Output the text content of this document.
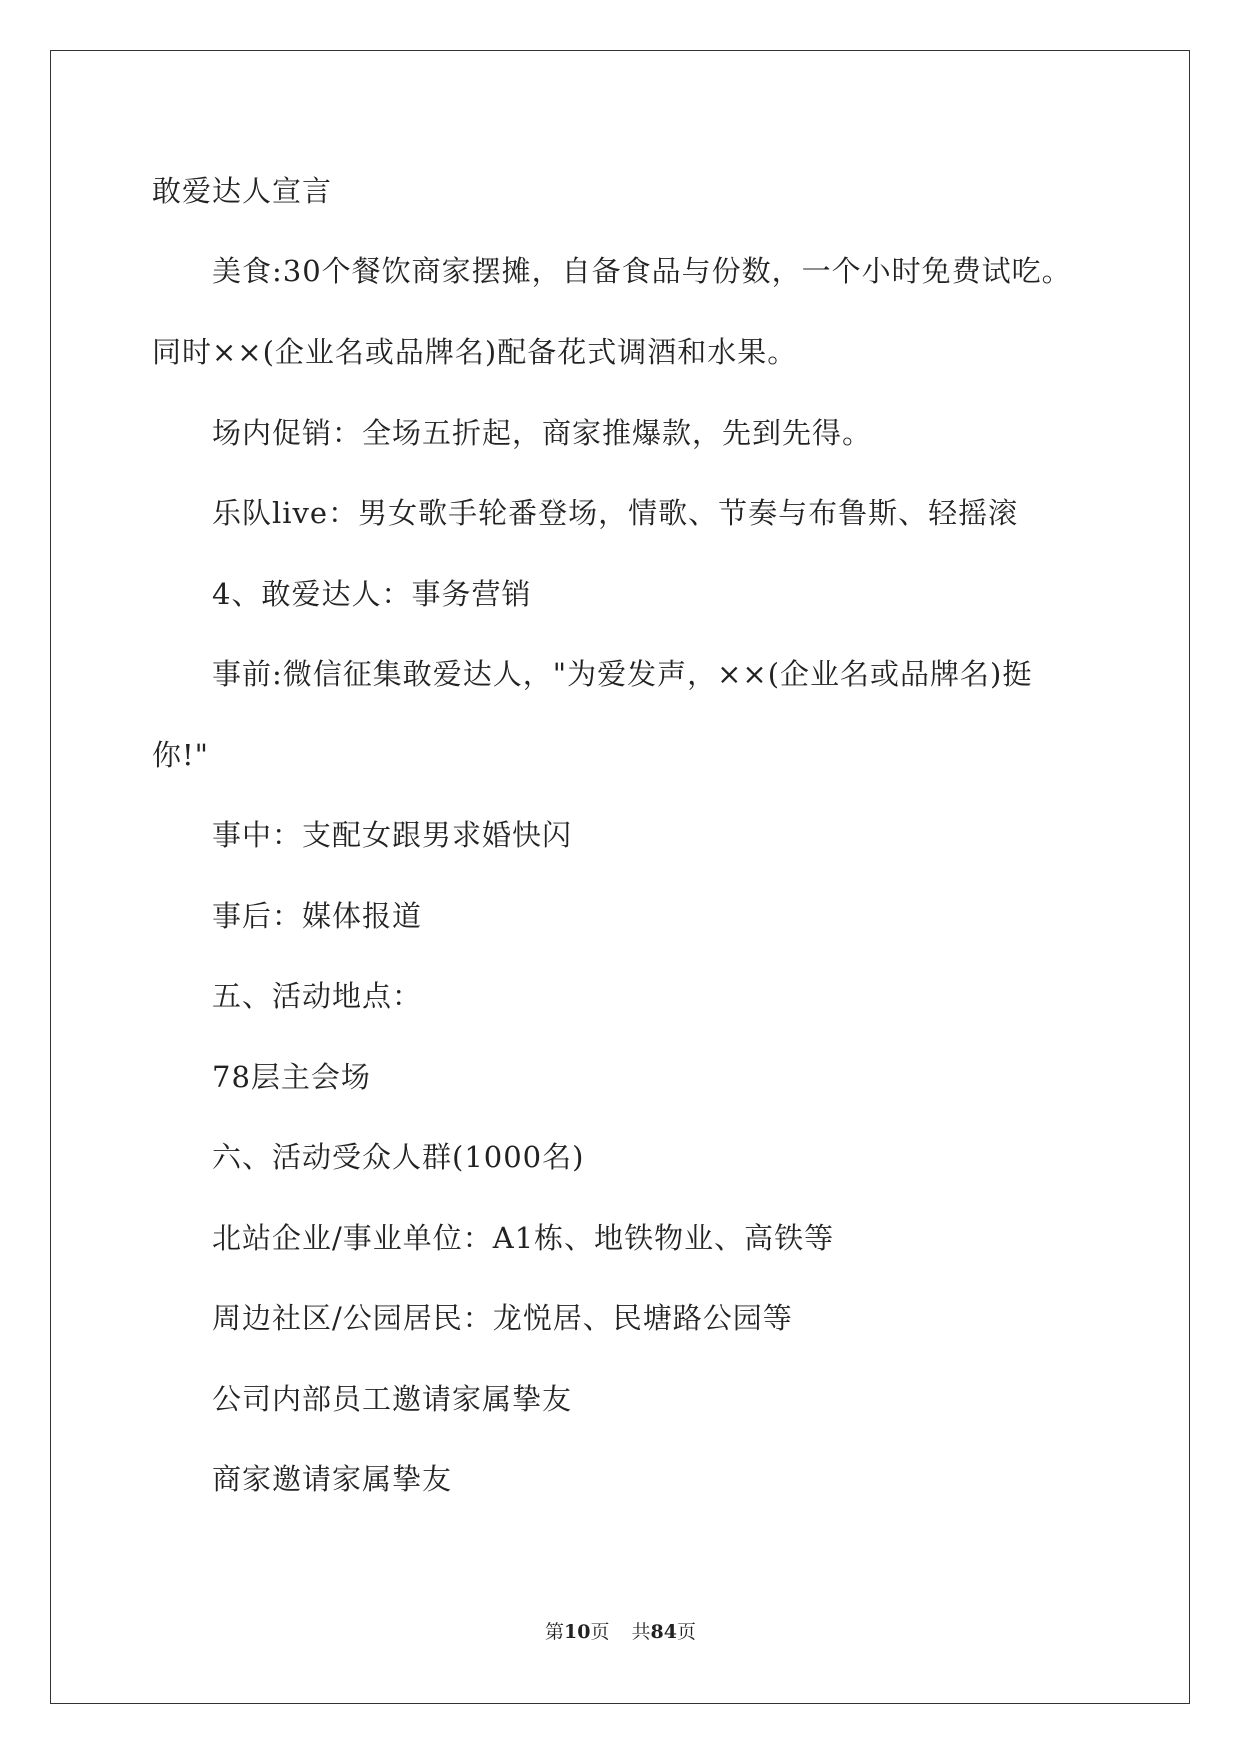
敢爱达人宣言
美食:30个餐饮商家摆摊，自备食品与份数，一个小时免费试吃。
同时××(企业名或品牌名)配备花式调酒和水果。
场内促销：全场五折起，商家推爆款，先到先得。
乐队live：男女歌手轮番登场，情歌、节奏与布鲁斯、轻摇滚
4、敢爱达人：事务营销
事前:微信征集敢爱达人，"为爱发声，××(企业名或品牌名)挺
你!"
事中：支配女跟男求婚快闪
事后：媒体报道
五、活动地点：
78层主会场
六、活动受众人群(1000名)
北站企业/事业单位：A1栋、地铁物业、高铁等
周边社区/公园居民：龙悦居、民塘路公园等
公司内部员工邀请家属挚友
商家邀请家属挚友
第10页 共84页
